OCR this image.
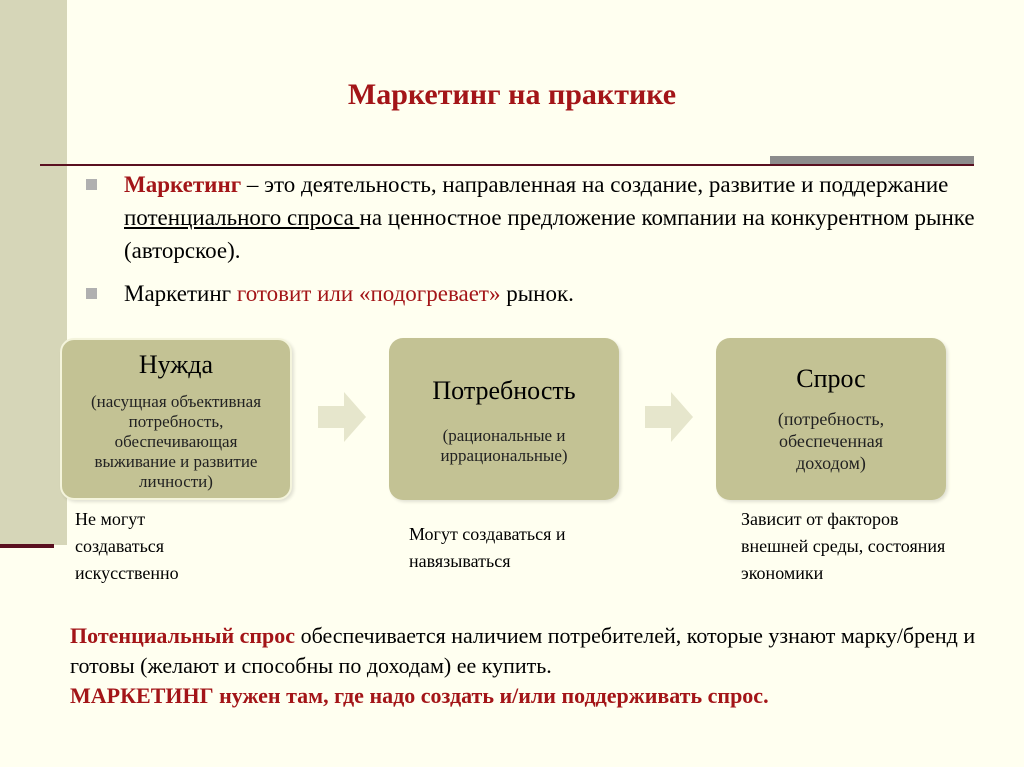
Маркетинг на практике
Маркетинг – это деятельность, направленная на создание, развитие и поддержание потенциального спроса на ценностное предложение компании на конкурентном рынке (авторское).
Маркетинг готовит или «подогревает» рынок.
Нужда
(насущная объективная потребность, обеспечивающая выживание и развитие личности)
Потребность
(рациональные и иррациональные)
Спрос
(потребность, обеспеченная доходом)
Не могут создаваться искусственно
Могут создаваться и навязываться
Зависит от факторов внешней среды, состояния экономики
Потенциальный спрос обеспечивается наличием потребителей, которые узнают марку/бренд и готовы (желают и способны по доходам) ее купить.
МАРКЕТИНГ нужен там, где надо создать и/или поддерживать спрос.
